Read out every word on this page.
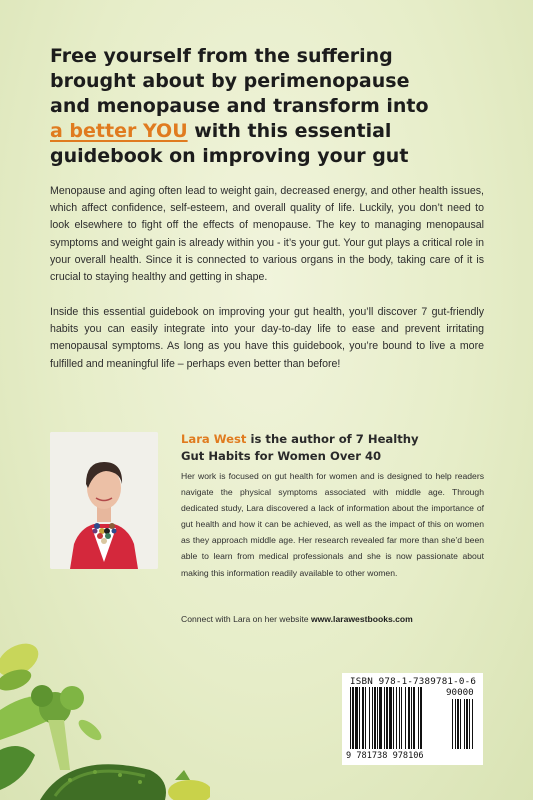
Free yourself from the suffering
brought about by perimenopause
and menopause and transform into
a better YOU with this essential
guidebook on improving your gut

Menopause and aging often lead to weight gain, decreased energy, and other health issues, which affect confidence, self-esteem, and overall quality of life. Luckily, you don’t need to look elsewhere to fight off the effects of menopause. The key to managing menopausal symptoms and weight gain is already within you - it’s your gut. Your gut plays a critical role in your overall health. Since it is connected to various organs in the body, taking care of it is crucial to staying healthy and getting in shape.

Inside this essential guidebook on improving your gut health, you’ll discover 7 gut-friendly habits you can easily integrate into your day-to-day life to ease and prevent irritating menopausal symptoms. As long as you have this guidebook, you’re bound to live a more fulfilled and meaningful life – perhaps even better than before!

Lara West is the author of 7 Healthy
Gut Habits for Women Over 40

Her work is focused on gut health for women and is designed to help readers navigate the physical symptoms associated with middle age. Through dedicated study, Lara discovered a lack of information about the importance of gut health and how it can be achieved, as well as the impact of this on women as they approach middle age. Her research revealed far more than she’d been able to learn from medical professionals and she is now passionate about making this information readily available to other women.

Connect with Lara on her website www.larawestbooks.com

ISBN 978-1-7389781-0-6
90000
9 781738 978106
